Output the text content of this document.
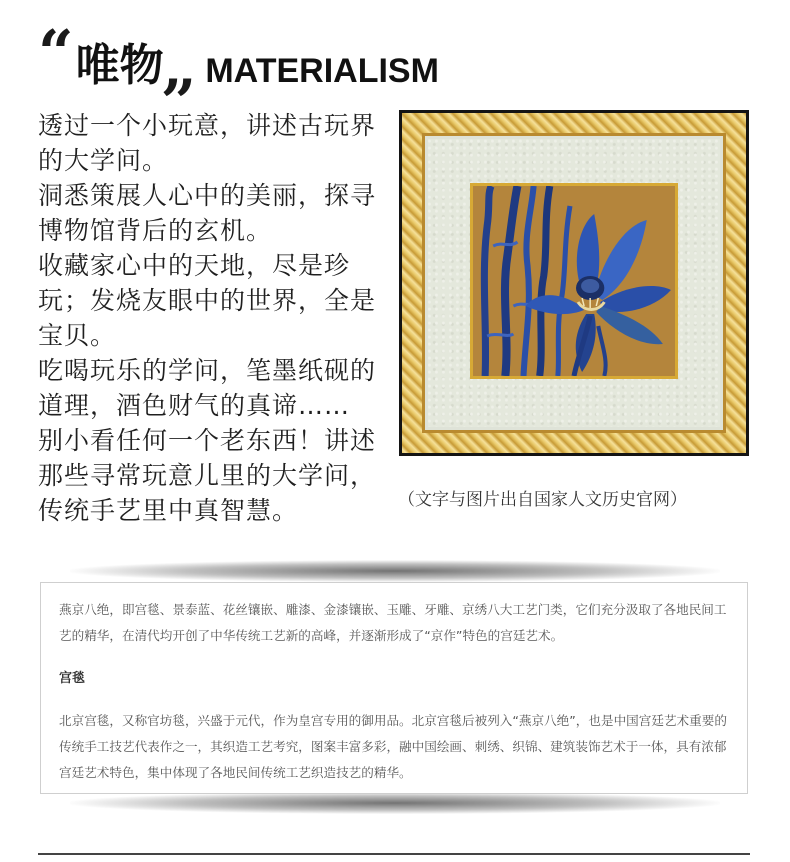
“ 唯物
„ MATERIALISM

透过一个小玩意，讲述古玩界的大学问。

洞悉策展人心中的美丽，探寻博物馆背后的玄机。

收藏家心中的天地，尽是珍玩；发烧友眼中的世界，全是宝贝。

吃喝玩乐的学问，笔墨纸砚的道理，酒色财气的真谛……

别小看任何一个老东西！讲述那些寻常玩意儿里的大学问，传统手艺里中真智慧。	（文字与图片出自国家人文历史官网）

燕京八绝，即宫毯、景泰蓝、花丝镶嵌、雕漆、金漆镶嵌、玉雕、牙雕、京绣八大工艺门类，它们充分汲取了各地民间工艺的精华，在清代均开创了中华传统工艺新的高峰，并逐渐形成了“京作”特色的宫廷艺术。

宫毯

北京宫毯，又称官坊毯，兴盛于元代，作为皇宫专用的御用品。北京宫毯后被列入“燕京八绝”，也是中国宫廷艺术重要的传统手工技艺代表作之一，其织造工艺考究，图案丰富多彩，融中国绘画、刺绣、织锦、建筑装饰艺术于一体，具有浓郁宫廷艺术特色，集中体现了各地民间传统工艺织造技艺的精华。
